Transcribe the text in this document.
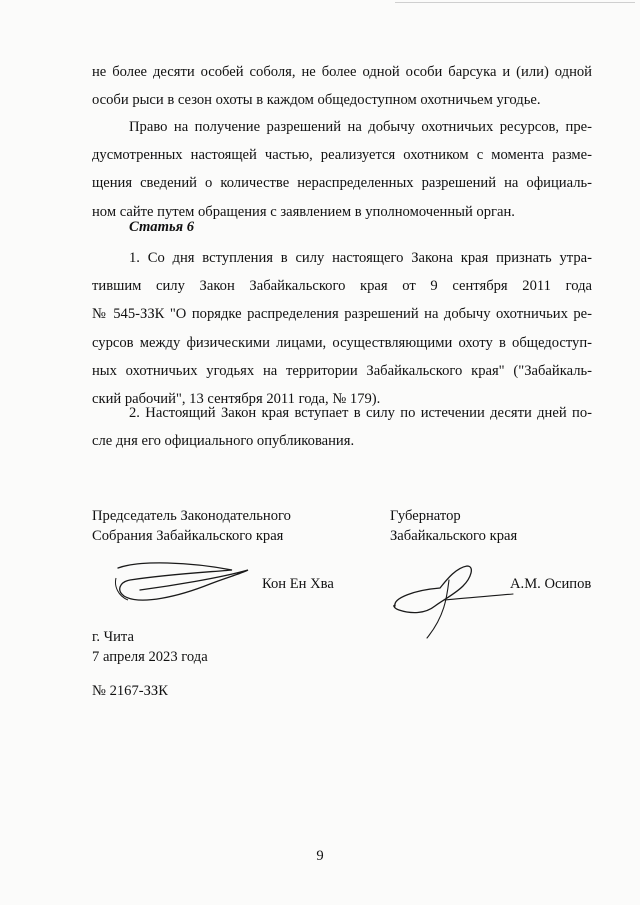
не более десяти особей соболя, не более одной особи барсука и (или) одной
особи рыси в сезон охоты в каждом общедоступном охотничьем угодье.
Право на получение разрешений на добычу охотничьих ресурсов, пре-
дусмотренных настоящей частью, реализуется охотником с момента разме-
щения сведений о количестве нераспределенных разрешений на официаль-
ном сайте путем обращения с заявлением в уполномоченный орган.
Статья 6
1. Со дня вступления в силу настоящего Закона края признать утра-
тившим силу Закон Забайкальского края от 9 сентября 2011 года
№ 545-ЗЗК "О порядке распределения разрешений на добычу охотничьих ре-
сурсов между физическими лицами, осуществляющими охоту в общедоступ-
ных охотничьих угодьях на территории Забайкальского края" ("Забайкаль-
ский рабочий", 13 сентября 2011 года, № 179).
2. Настоящий Закон края вступает в силу по истечении десяти дней по-
сле дня его официального опубликования.
Председатель Законодательного
Собрания Забайкальского края
Кон Ен Хва
Губернатор
Забайкальского края
А.М. Осипов
г. Чита
7 апреля 2023 года
№ 2167-ЗЗК
9
